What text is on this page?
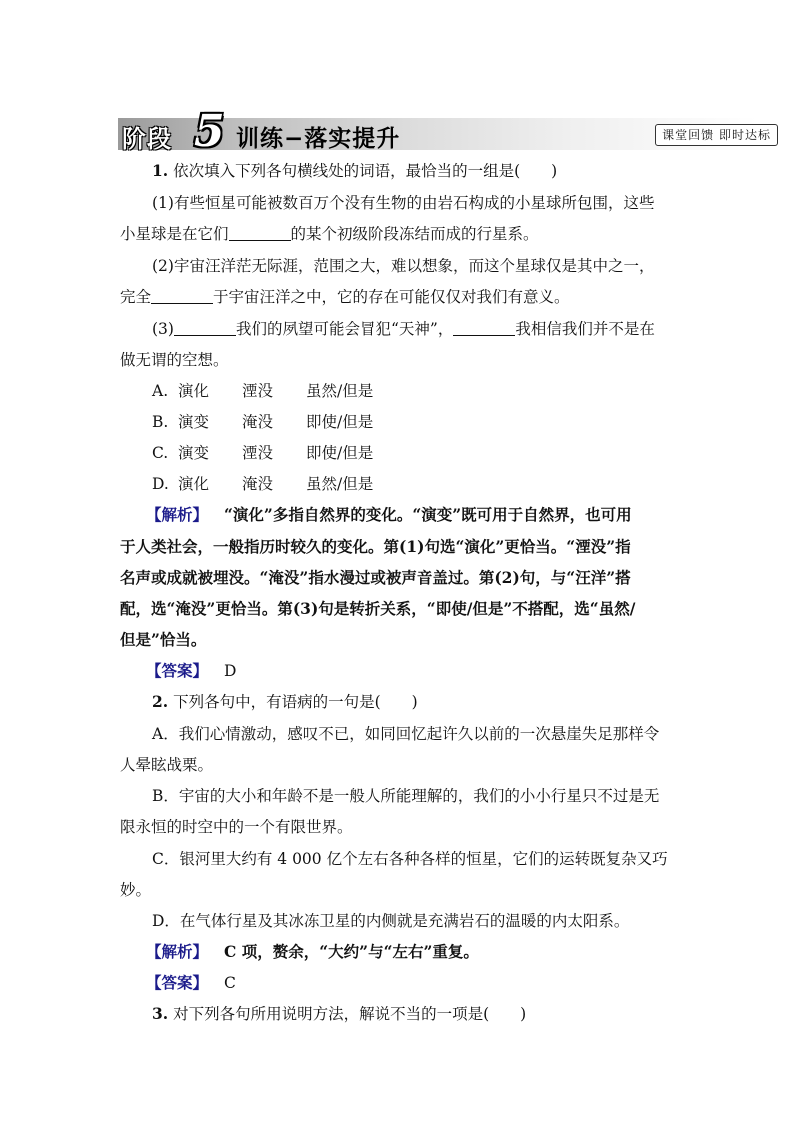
阶段 5 训练−落实提升	课堂回馈 即时达标
1. 依次填入下列各句横线处的词语，最恰当的一组是(　　)
(1)有些恒星可能被数百万个没有生物的由岩石构成的小星球所包围，这些
小星球是在它们	的某个初级阶段冻结而成的行星系。
(2)宇宙汪洋茫无际涯，范围之大，难以想象，而这个星球仅是其中之一，
完全	于宇宙汪洋之中，它的存在可能仅仅对我们有意义。
(3)	我们的夙望可能会冒犯“天神”，	我相信我们并不是在
做无谓的空想。
A. 演化 湮没 虽然/但是
B. 演变 淹没 即使/但是
C. 演变 湮没 即使/但是
D. 演化 淹没 虽然/但是
【解析】 “演化”多指自然界的变化。“演变”既可用于自然界，也可用
于人类社会，一般指历时较久的变化。第(1)句选“演化”更恰当。“湮没”指
名声或成就被埋没。“淹没”指水漫过或被声音盖过。第(2)句，与“汪洋”搭
配，选“淹没”更恰当。第(3)句是转折关系，“即使/但是”不搭配，选“虽然/
但是”恰当。
【答案】 D
2. 下列各句中，有语病的一句是(　　)
A．我们心情激动，感叹不已，如同回忆起许久以前的一次悬崖失足那样令
人晕眩战栗。
B．宇宙的大小和年龄不是一般人所能理解的，我们的小小行星只不过是无
限永恒的时空中的一个有限世界。
C．银河里大约有 4 000 亿个左右各种各样的恒星，它们的运转既复杂又巧
妙。
D．在气体行星及其冰冻卫星的内侧就是充满岩石的温暖的内太阳系。
【解析】 C 项，赘余，“大约”与“左右”重复。
【答案】 C
3. 对下列各句所用说明方法，解说不当的一项是(　　)
